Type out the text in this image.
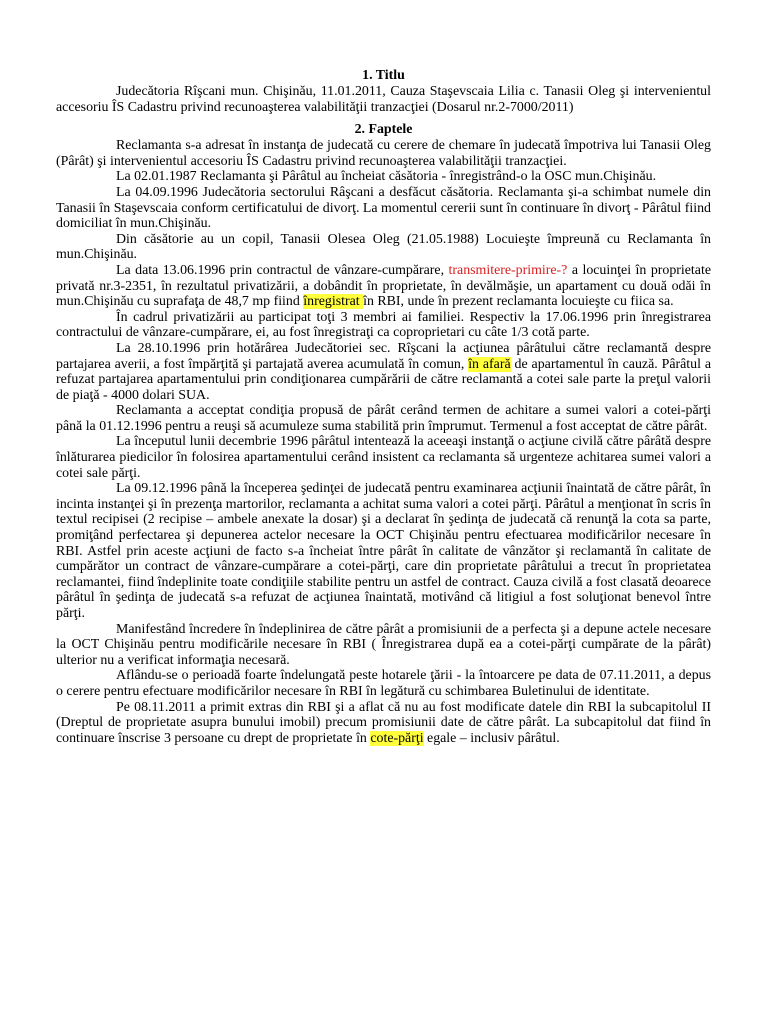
1. Titlu

Judecătoria Rîşcani mun. Chişinău, 11.01.2011, Cauza Staşevscaia Lilia c. Tanasii Oleg şi intervenientul accesoriu ÎS Cadastru privind recunoaşterea valabilităţii tranzacţiei (Dosarul nr.2-7000/2011)

2. Faptele

Reclamanta s-a adresat în instanţa de judecată cu cerere de chemare în judecată împotriva lui Tanasii Oleg (Pârât) şi intervenientul accesoriu ÎS Cadastru privind recunoaşterea valabilităţii tranzacţiei.

La 02.01.1987 Reclamanta şi Pârâtul au încheiat căsătoria - înregistrând-o la OSC mun.Chişinău.

La 04.09.1996 Judecătoria sectorului Râşcani a desfăcut căsătoria. Reclamanta şi-a schimbat numele din Tanasii în Staşevscaia conform certificatului de divorţ. La momentul cererii sunt în continuare în divorţ - Pârâtul fiind domiciliat în mun.Chişinău.

Din căsătorie au un copil, Tanasii Olesea Oleg (21.05.1988) Locuieşte împreună cu Reclamanta în mun.Chişinău.

La data 13.06.1996 prin contractul de vânzare-cumpărare, transmitere-primire-? a locuinţei în proprietate privată nr.3-2351, în rezultatul privatizării, a dobândit în proprietate, în devălmăşie, un apartament cu două odăi în mun.Chişinău cu suprafaţa de 48,7 mp fiind înregistrat în RBI, unde în prezent reclamanta locuieşte cu fiica sa.

În cadrul privatizării au participat toţi 3 membri ai familiei. Respectiv la 17.06.1996 prin înregistrarea contractului de vânzare-cumpărare, ei, au fost înregistraţi ca coproprietari cu câte 1/3 cotă parte.

La 28.10.1996 prin hotărârea Judecătoriei sec. Rîşcani la acţiunea pârâtului către reclamantă despre partajarea averii, a fost împărţită şi partajată averea acumulată în comun, în afară de apartamentul în cauză. Pârâtul a refuzat partajarea apartamentului prin condiţionarea cumpărării de către reclamantă a cotei sale parte la preţul valorii de piaţă - 4000 dolari SUA.

Reclamanta a acceptat condiţia propusă de pârât cerând termen de achitare a sumei valori a cotei-părţi până la 01.12.1996 pentru a reuşi să acumuleze suma stabilită prin împrumut. Termenul a fost acceptat de către pârât.

La începutul lunii decembrie 1996 pârâtul intentează la aceeaşi instanţă o acţiune civilă către pârâtă despre înlăturarea piedicilor în folosirea apartamentului cerând insistent ca reclamanta să urgenteze achitarea sumei valori a cotei sale părţi.

La 09.12.1996 până la începerea şedinţei de judecată pentru examinarea acţiunii înaintată de către pârât, în incinta instanţei şi în prezenţa martorilor, reclamanta a achitat suma valori a cotei părţi. Pârâtul a menţionat în scris în textul recipisei (2 recipise – ambele anexate la dosar) şi a declarat în şedinţa de judecată că renunţă la cota sa parte, promiţând perfectarea şi depunerea actelor necesare la OCT Chişinău pentru efectuarea modificărilor necesare în RBI. Astfel prin aceste acţiuni de facto s-a încheiat între pârât în calitate de vânzător şi reclamantă în calitate de cumpărător un contract de vânzare-cumpărare a cotei-părţi, care din proprietate pârâtului a trecut în proprietatea reclamantei, fiind îndeplinite toate condiţiile stabilite pentru un astfel de contract. Cauza civilă a fost clasată deoarece pârâtul în şedinţa de judecată s-a refuzat de acţiunea înaintată, motivând că litigiul a fost soluţionat benevol între părţi.

Manifestând încredere în îndeplinirea de către pârât a promisiunii de a perfecta şi a depune actele necesare la OCT Chişinău pentru modificările necesare în RBI ( Înregistrarea după ea a cotei-părţi cumpărate de la pârât) ulterior nu a verificat informaţia necesară.

Aflându-se o perioadă foarte îndelungată peste hotarele ţării - la întoarcere pe data de 07.11.2011, a depus o cerere pentru efectuare modificărilor necesare în RBI în legătură cu schimbarea Buletinului de identitate.

Pe 08.11.2011 a primit extras din RBI şi a aflat că nu au fost modificate datele din RBI la subcapitolul II (Dreptul de proprietate asupra bunului imobil) precum promisiunii date de către pârât. La subcapitolul dat fiind în continuare înscrise 3 persoane cu drept de proprietate în cote-părţi egale – inclusiv pârâtul.
